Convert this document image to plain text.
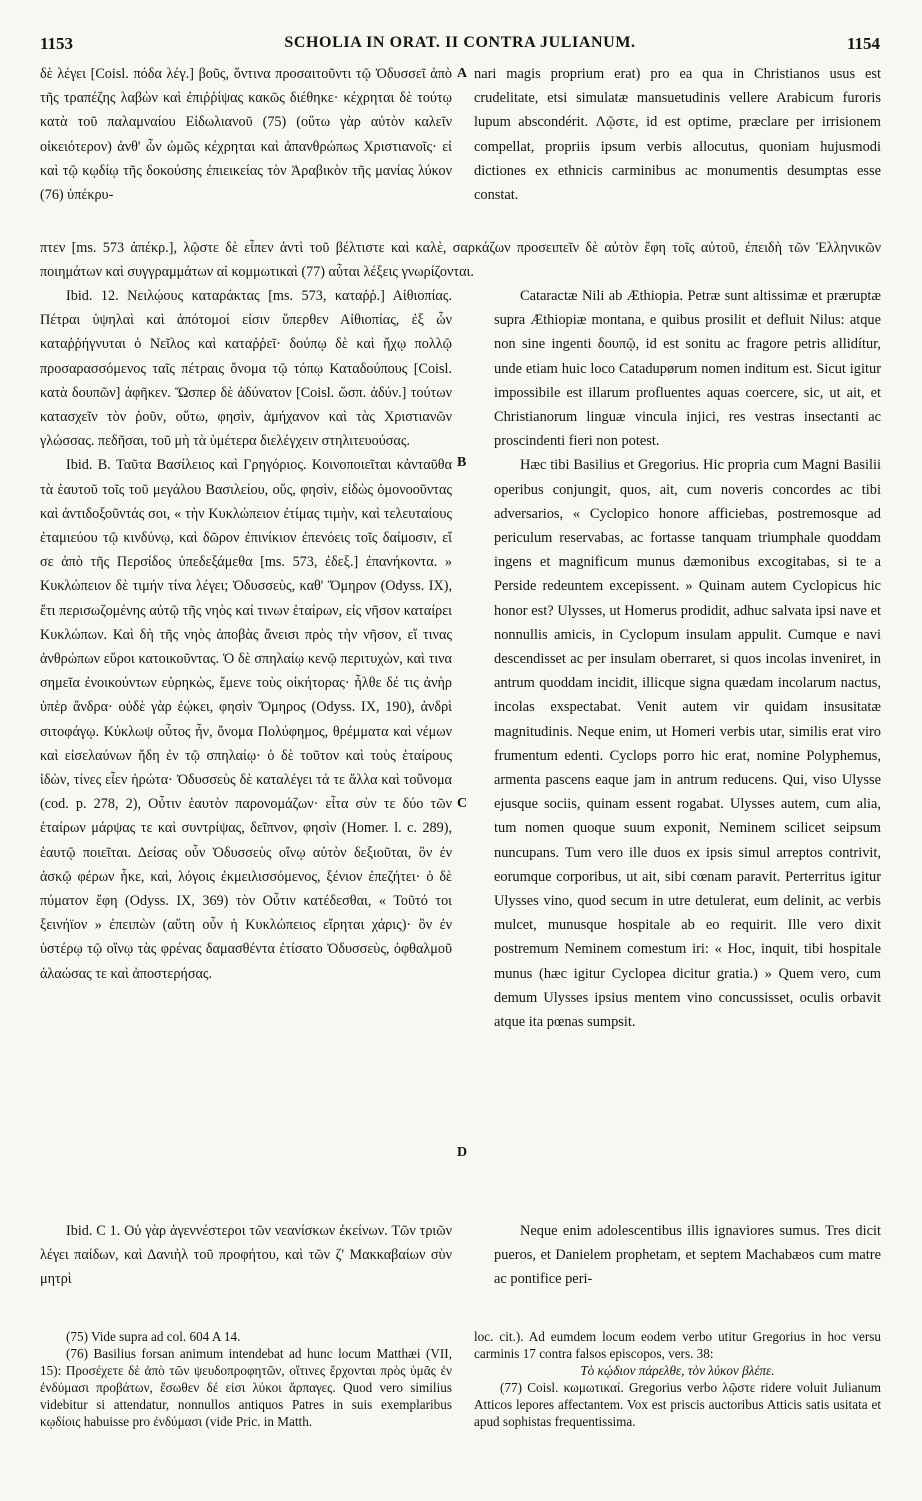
1153	SCHOLIA IN ORAT. II CONTRA JULIANUM.	1154

δὲ λέγει [Coisl. πόδα λέγ.] βοῦς, ὅντινα προσαιτοῦντι τῷ Ὀδυσσεῖ ἀπὸ τῆς τραπέζης λαβὼν καὶ ἐπιῤῥίψας κακῶς διέθηκε· κέχρηται δὲ τούτῳ κατὰ τοῦ παλαμναίου Εἰδωλιανοῦ (75) (οὕτω γὰρ αὐτὸν καλεῖν οἰκειότερον) ἀνθ' ὧν ὠμῶς κέχρηται καὶ ἀπανθρώπως Χριστιανοῖς· εἰ καὶ τῷ κῳδίῳ τῆς δοκούσης ἐπιεικείας τὸν Ἀραβικὸν τῆς μανίας λύκον (76) ὑπέκρυ-

A nari magis proprium erat) pro ea qua in Christianos usus est crudelitate, etsi simulatæ mansuetudinis vellere Arabicum furoris lupum abscondérit. Λῷστε, id est optime, præclare per irrisionem compellat, propriis ipsum verbis allocutus, quoniam hujusmodi dictiones ex ethnicis carminibus ac monumentis desumptas esse constat.

πτεν [ms. 573 ἀπέκρ.], λῷστε δὲ εἶπεν ἀντὶ τοῦ βέλτιστε καὶ καλὲ, σαρκάζων προσειπεῖν δὲ αὐτὸν ἔφη τοῖς αὐτοῦ, ἐπειδὴ τῶν Ἑλληνικῶν ποιημάτων καὶ συγγραμμάτων αἱ κομμωτικαὶ (77) αὗται λέξεις γνωρίζονται.

Ibid. 12. Νειλῴους καταράκτας [ms. 573, καταῤῥ.] Αἰθιοπίας. Πέτραι ὑψηλαὶ καὶ ἀπότομοί εἰσιν ὕπερθεν Αἰθιοπίας, ἐξ ὧν καταῤῥήγνυται ὁ Νεῖλος καὶ καταῤῥεῖ· δούπῳ δὲ καὶ ἤχῳ πολλῷ προσαρασσόμενος ταῖς πέτραις ὄνομα τῷ τόπῳ Καταδούπους [Coisl. κατὰ δουπῶν] ἀφῆκεν. Ὥσπερ δὲ ἀδύνατον [Coisl. ὥσπ. ἀδύν.] τούτων κατασχεῖν τὸν ῥοῦν, οὕτω, φησὶν, ἀμήχανον καὶ τὰς Χριστιανῶν γλώσσας. πεδῆσαι, τοῦ μὴ τὰ ὑμέτερα διελέγχειν στηλιτευούσας.

Ibid. B. Ταῦτα Βασίλειος καὶ Γρηγόριος. Κοινοποιεῖται κἀνταῦθα τὰ ἑαυτοῦ τοῖς τοῦ μεγάλου Βασιλείου, οὕς, φησὶν, εἰδὼς ὁμονοοῦντας καὶ ἀντιδοξοῦντάς σοι, « τὴν Κυκλώπειον ἐτίμας τιμὴν, καὶ τελευταίους ἐταμιεύου τῷ κινδύνῳ, καὶ δῶρον ἐπινίκιον ἐπενόεις τοῖς δαίμοσιν, εἴ σε ἀπὸ τῆς Περσίδος ὑπεδεξάμεθα [ms. 573, ἐδεξ.] ἐπανήκοντα. » Κυκλώπειον δὲ τιμήν τίνα λέγει; Ὀδυσσεὺς, καθ' Ὅμηρον (Odyss. IX), ἔτι περισωζομένης αὐτῷ τῆς νηὸς καί τινων ἑταίρων, εἰς νῆσον καταίρει Κυκλώπων. Καὶ δὴ τῆς νηὸς ἀποβὰς ἄνεισι πρὸς τὴν νῆσον, εἴ τινας ἀνθρώπων εὕροι κατοικοῦντας. Ὁ δὲ σπηλαίῳ κενῷ περιτυχὼν, καὶ τινα σημεῖα ἐνοικούντων εὑρηκὼς, ἔμενε τοὺς οἰκήτορας· ἦλθε δέ τις ἀνὴρ ὑπὲρ ἄνδρα· οὐδὲ γὰρ ἐῴκει, φησὶν Ὅμηρος (Odyss. IX, 190), ἀνδρὶ σιτοφάγῳ. Κύκλωψ οὗτος ἦν, ὄνομα Πολύφημος, θρέμματα καὶ νέμων καὶ εἰσελαύνων ἤδη ἐν τῷ σπηλαίῳ· ὁ δὲ τοῦτον καὶ τοὺς ἑταίρους ἰδὼν, τίνες εἶεν ἠρώτα· Ὀδυσσεὺς δὲ καταλέγει τά τε ἄλλα καὶ τοὔνομα (cod. p. 278, 2), Οὖτιν ἑαυτὸν παρονομάζων· εἶτα σὺν τε δύο τῶν ἑταίρων μάρψας τε καὶ συντρίψας, δεῖπνον, φησὶν (Homer. l. c. 289), ἑαυτῷ ποιεῖται. Δείσας οὖν Ὀδυσσεὺς οἴνῳ αὐτὸν δεξιοῦται, ὃν ἐν ἀσκῷ φέρων ἧκε, καὶ, λόγοις ἐκμειλισσόμενος, ξένιον ἐπεζήτει· ὁ δὲ πύματον ἔφη (Odyss. IX, 369) τὸν Οὖτιν κατέδεσθαι, « Τοῦτό τοι ξεινήϊον » ἐπειπὼν (αὕτη οὖν ἡ Κυκλώπειος εἴρηται χάρις)· ὃν ἐν ὑστέρῳ τῷ οἴνῳ τὰς φρένας δαμασθέντα ἐτίσατο Ὀδυσσεὺς, ὀφθαλμοῦ ἀλαώσας τε καὶ ἀποστερήσας.

B
C
D

Cataractæ Nili ab Æthiopia. Petræ sunt altissimæ et præruptæ supra Æthiopiæ montana, e quibus prosilit et defluit Nilus: atque non sine ingenti δουπῷ, id est sonitu ac fragore petris allidítur, unde etiam huic loco Catadupørum nomen inditum est. Sicut igitur impossibile est illarum profluentes aquas coercere, sic, ut ait, et Christianorum linguæ vincula injici, res vestras insectanti ac proscindenti fieri non potest.

Hæc tibi Basilius et Gregorius. Hic propria cum Magni Basilii operibus conjungit, quos, ait, cum noveris concordes ac tibi adversarios, « Cyclopico honore afficiebas, postremosque ad periculum reservabas, ac fortasse tanquam triumphale quoddam ingens et magnificum munus dæmonibus excogitabas, si te a Perside redeuntem excepissent. » Quinam autem Cyclopicus hic honor est? Ulysses, ut Homerus prodidit, adhuc salvata ipsi nave et nonnullis amicis, in Cyclopum insulam appulit. Cumque e navi descendisset ac per insulam oberraret, si quos incolas inveniret, in antrum quoddam incidit, illicque signa quædam incolarum nactus, incolas exspectabat. Venit autem vir quidam insusitatæ magnitudinis. Neque enim, ut Homeri verbis utar, similis erat viro frumentum edenti. Cyclops porro hic erat, nomine Polyphemus, armenta pascens eaque jam in antrum reducens. Qui, viso Ulysse ejusque sociis, quinam essent rogabat. Ulysses autem, cum alia, tum nomen quoque suum exponit, Neminem scilicet seipsum nuncupans. Tum vero ille duos ex ipsis simul arreptos contrivit, eorumque corporibus, ut ait, sibi cœnam paravit. Perterritus igitur Ulysses vino, quod secum in utre detulerat, eum delinit, ac verbis mulcet, munusque hospitale ab eo requirit. Ille vero dixit postremum Neminem comestum iri: « Hoc, inquit, tibi hospitale munus (hæc igitur Cyclopea dicitur gratia.) » Quem vero, cum demum Ulysses ipsius mentem vino concussisset, oculis orbavit atque ita pœnas sumpsit.

Ibid. C 1. Οὐ γὰρ ἀγεννέστεροι τῶν νεανίσκων ἐκείνων. Τῶν τριῶν λέγει παίδων, καὶ Δανιὴλ τοῦ προφήτου, καὶ τῶν ζ' Μακκαβαίων σὺν μητρὶ

Neque enim adolescentibus illis ignaviores sumus. Tres dicit pueros, et Danielem prophetam, et septem Machabæos cum matre ac pontifice peri-

(75) Vide supra ad col. 604 A 14.

(76) Basilius forsan animum intendebat ad hunc locum Matthæi (VII, 15): Προσέχετε δὲ ἀπὸ τῶν ψευδοπροφητῶν, οἵτινες ἔρχονται πρὸς ὑμᾶς ἐν ἐνδύμασι προβάτων, ἔσωθεν δέ εἰσι λύκοι ἅρπαγες. Quod vero similius videbitur si attendatur, nonnullos antiquos Patres in suis exemplaribus κῳδίοις habuisse pro ἐνδύμασι (vide Pric. in Matth.

loc. cit.). Ad eumdem locum eodem verbo utitur Gregorius in hoc versu carminis 17 contra falsos episcopos, vers. 38:

Τὸ κῴδιον πάρελθε, τὸν λύκον βλέπε.

(77) Coisl. κωμωτικαί. Gregorius verbo λῷστε ridere voluit Julianum Atticos lepores affectantem. Vox est priscis auctoribus Atticis satis usitata et apud sophistas frequentissima.
